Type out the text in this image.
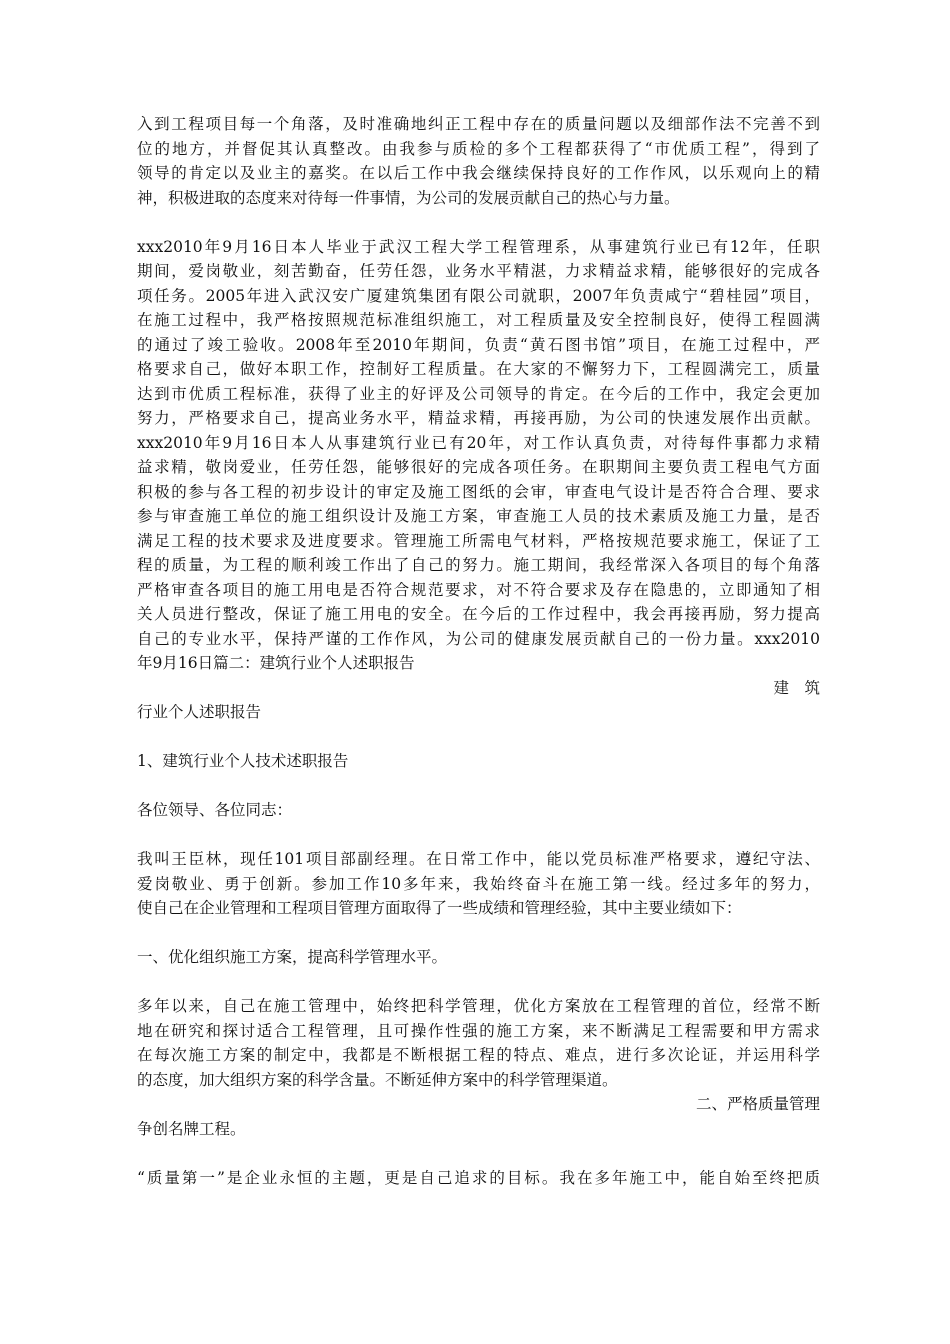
入到工程项目每一个角落，及时准确地纠正工程中存在的质量问题以及细部作法不完善不到
位的地方，并督促其认真整改。由我参与质检的多个工程都获得了“市优质工程”，得到了
领导的肯定以及业主的嘉奖。在以后工作中我会继续保持良好的工作作风，以乐观向上的精
神，积极进取的态度来对待每一件事情，为公司的发展贡献自己的热心与力量。
xxx2010年9月16日本人毕业于武汉工程大学工程管理系，从事建筑行业已有12年，任职
期间，爱岗敬业，刻苦勤奋，任劳任怨，业务水平精湛，力求精益求精，能够很好的完成各
项任务。2005年进入武汉安广厦建筑集团有限公司就职，2007年负责咸宁“碧桂园”项目，
在施工过程中，我严格按照规范标准组织施工，对工程质量及安全控制良好，使得工程圆满
的通过了竣工验收。2008年至2010年期间，负责“黄石图书馆”项目，在施工过程中，严
格要求自己，做好本职工作，控制好工程质量。在大家的不懈努力下，工程圆满完工，质量
达到市优质工程标准，获得了业主的好评及公司领导的肯定。在今后的工作中，我定会更加
努力，严格要求自己，提高业务水平，精益求精，再接再励，为公司的快速发展作出贡献。
xxx2010年9月16日本人从事建筑行业已有20年，对工作认真负责，对待每件事都力求精
益求精，敬岗爱业，任劳任怨，能够很好的完成各项任务。在职期间主要负责工程电气方面
积极的参与各工程的初步设计的审定及施工图纸的会审，审查电气设计是否符合合理、要求
参与审查施工单位的施工组织设计及施工方案，审查施工人员的技术素质及施工力量，是否
满足工程的技术要求及进度要求。管理施工所需电气材料，严格按规范要求施工，保证了工
程的质量，为工程的顺利竣工作出了自己的努力。施工期间，我经常深入各项目的每个角落
严格审查各项目的施工用电是否符合规范要求，对不符合要求及存在隐患的，立即通知了相
关人员进行整改，保证了施工用电的安全。在今后的工作过程中，我会再接再励，努力提高
自己的专业水平，保持严谨的工作作风，为公司的健康发展贡献自己的一份力量。xxx2010
年9月16日篇二：建筑行业个人述职报告
建　筑
行业个人述职报告
1、建筑行业个人技术述职报告
各位领导、各位同志：
我叫王臣林，现任101项目部副经理。在日常工作中，能以党员标准严格要求，遵纪守法、
爱岗敬业、勇于创新。参加工作10多年来，我始终奋斗在施工第一线。经过多年的努力，
使自己在企业管理和工程项目管理方面取得了一些成绩和管理经验，其中主要业绩如下：
一、优化组织施工方案，提高科学管理水平。
多年以来，自己在施工管理中，始终把科学管理，优化方案放在工程管理的首位，经常不断
地在研究和探讨适合工程管理，且可操作性强的施工方案，来不断满足工程需要和甲方需求
在每次施工方案的制定中，我都是不断根据工程的特点、难点，进行多次论证，并运用科学
的态度，加大组织方案的科学含量。不断延伸方案中的科学管理渠道。
二、严格质量管理
争创名牌工程。
“质量第一”是企业永恒的主题，更是自己追求的目标。我在多年施工中，能自始至终把质
